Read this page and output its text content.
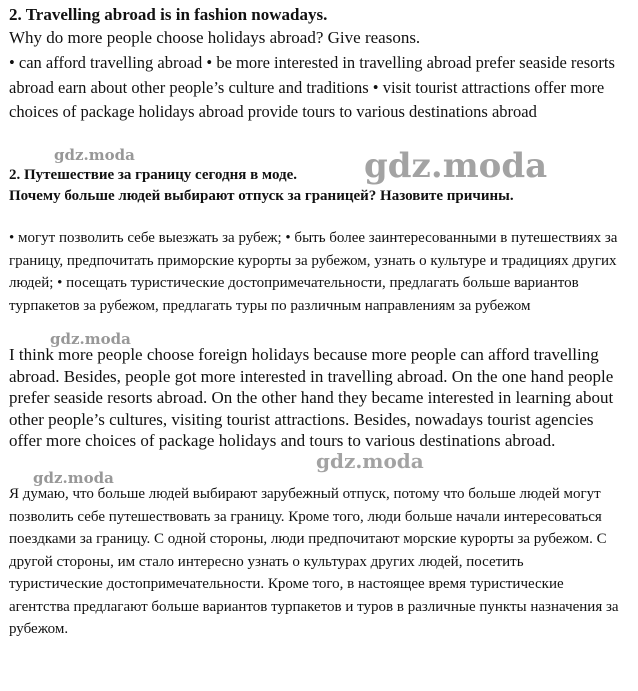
2. Travelling abroad is in fashion nowadays.

Why do more people choose holidays abroad? Give reasons.

• can afford travelling abroad • be more interested in travelling abroad prefer seaside resorts abroad earn about other people’s culture and traditions • visit tourist attractions offer more choices of package holidays abroad provide tours to various destinations abroad

2. Путешествие за границу сегодня в моде.

Почему больше людей выбирают отпуск за границей? Назовите причины.

• могут позволить себе выезжать за рубеж; • быть более заинтересованными в путешествиях за границу, предпочитать приморские курорты за рубежом, узнать о культуре и традициях других людей; • посещать туристические достопримечательности, предлагать больше вариантов турпакетов за рубежом, предлагать туры по различным направлениям за рубежом

I think more people choose foreign holidays because more people can afford travelling abroad. Besides, people got more interested in travelling abroad. On the one hand people prefer seaside resorts abroad. On the other hand they became interested in learning about other people’s cultures, visiting tourist attractions. Besides, nowadays tourist agencies offer more choices of package holidays and tours to various destinations abroad.

Я думаю, что больше людей выбирают зарубежный отпуск, потому что больше людей могут позволить себе путешествовать за границу. Кроме того, люди больше начали интересоваться поездками за границу. С одной стороны, люди предпочитают морские курорты за рубежом. С другой стороны, им стало интересно узнать о культурах других людей, посетить туристические достопримечательности. Кроме того, в настоящее время туристические агентства предлагают больше вариантов турпакетов и туров в различные пункты назначения за рубежом.

gdz.moda	gdz.moda
gdz.moda
gdz.moda
gdz.moda
